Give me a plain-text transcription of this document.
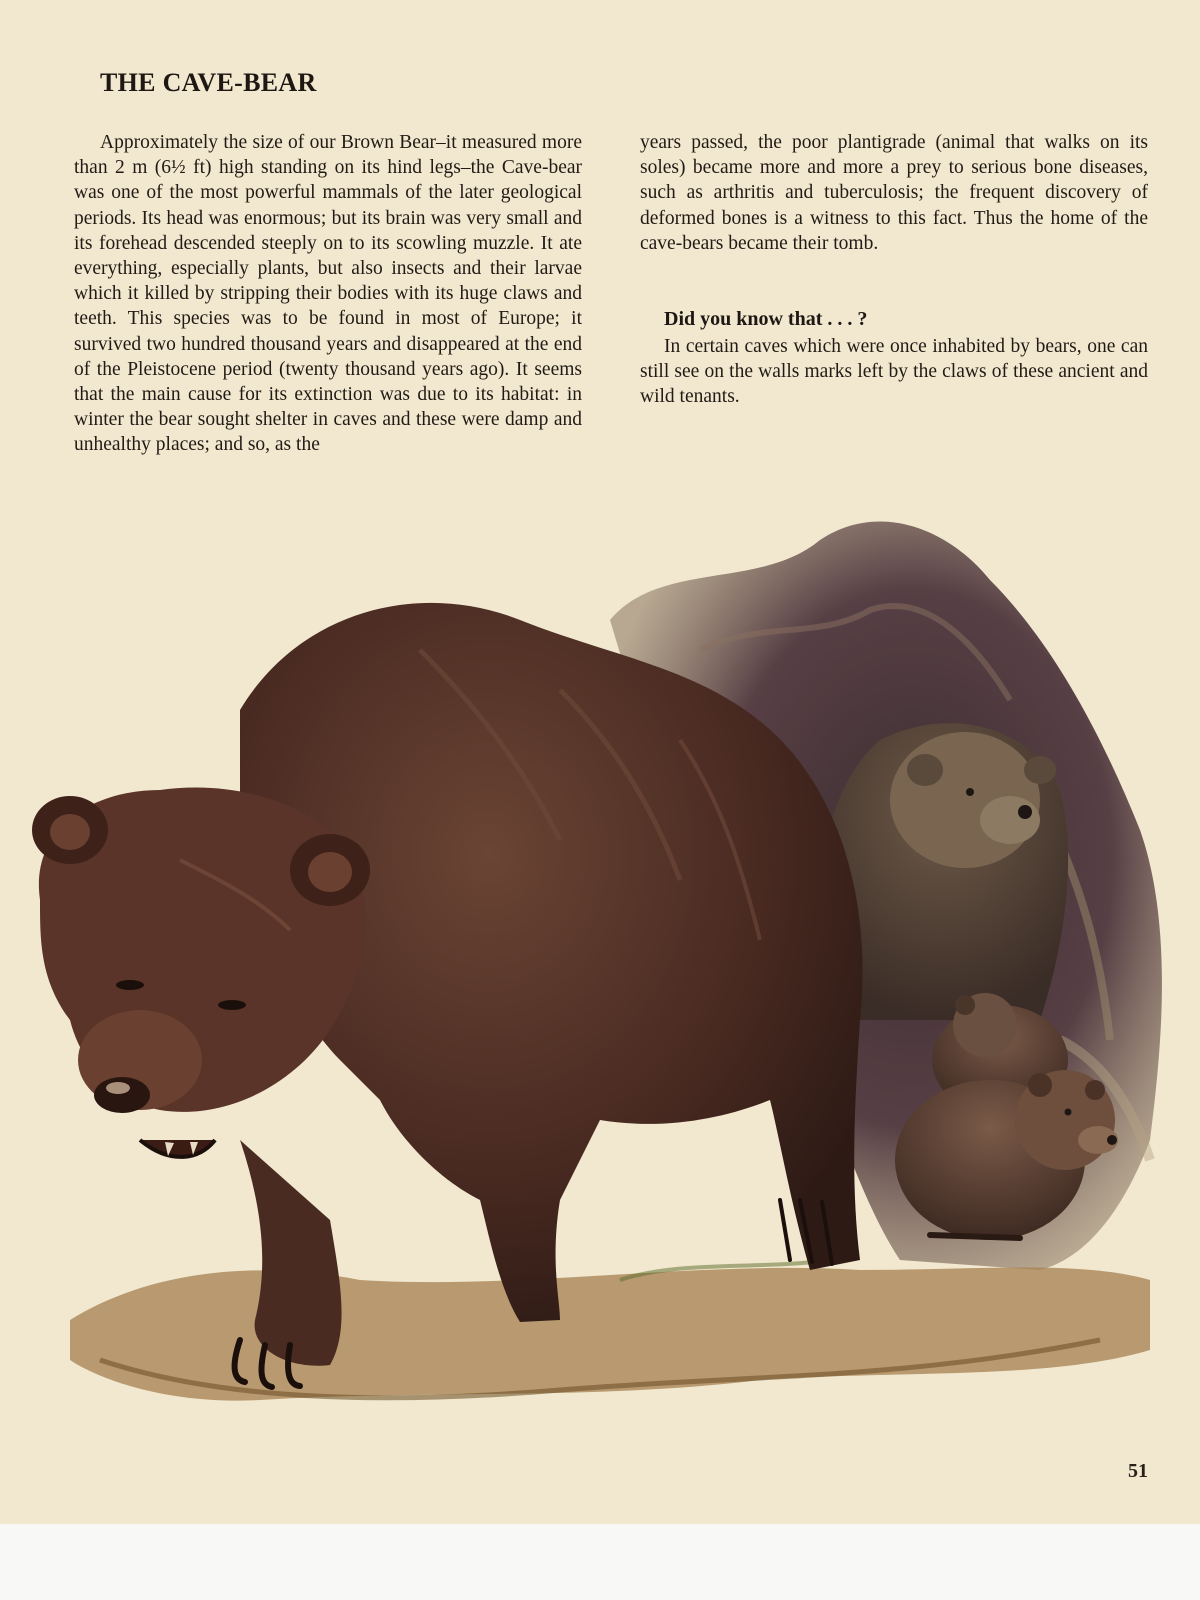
THE CAVE-BEAR

Approximately the size of our Brown Bear–it measured more than 2 m (6½ ft) high standing on its hind legs–the Cave-bear was one of the most powerful mammals of the later geological periods. Its head was enormous; but its brain was very small and its forehead descended steeply on to its scowling muzzle. It ate everything, especially plants, but also insects and their larvae which it killed by stripping their bodies with its huge claws and teeth. This species was to be found in most of Europe; it survived two hundred thousand years and disappeared at the end of the Pleistocene period (twenty thousand years ago). It seems that the main cause for its extinction was due to its habitat: in winter the bear sought shelter in caves and these were damp and unhealthy places; and so, as the

years passed, the poor plantigrade (animal that walks on its soles) became more and more a prey to serious bone diseases, such as arthritis and tuberculosis; the frequent discovery of deformed bones is a witness to this fact. Thus the home of the cave-bears became their tomb.

Did you know that . . . ?

In certain caves which were once inhabited by bears, one can still see on the walls marks left by the claws of these ancient and wild tenants.

51
